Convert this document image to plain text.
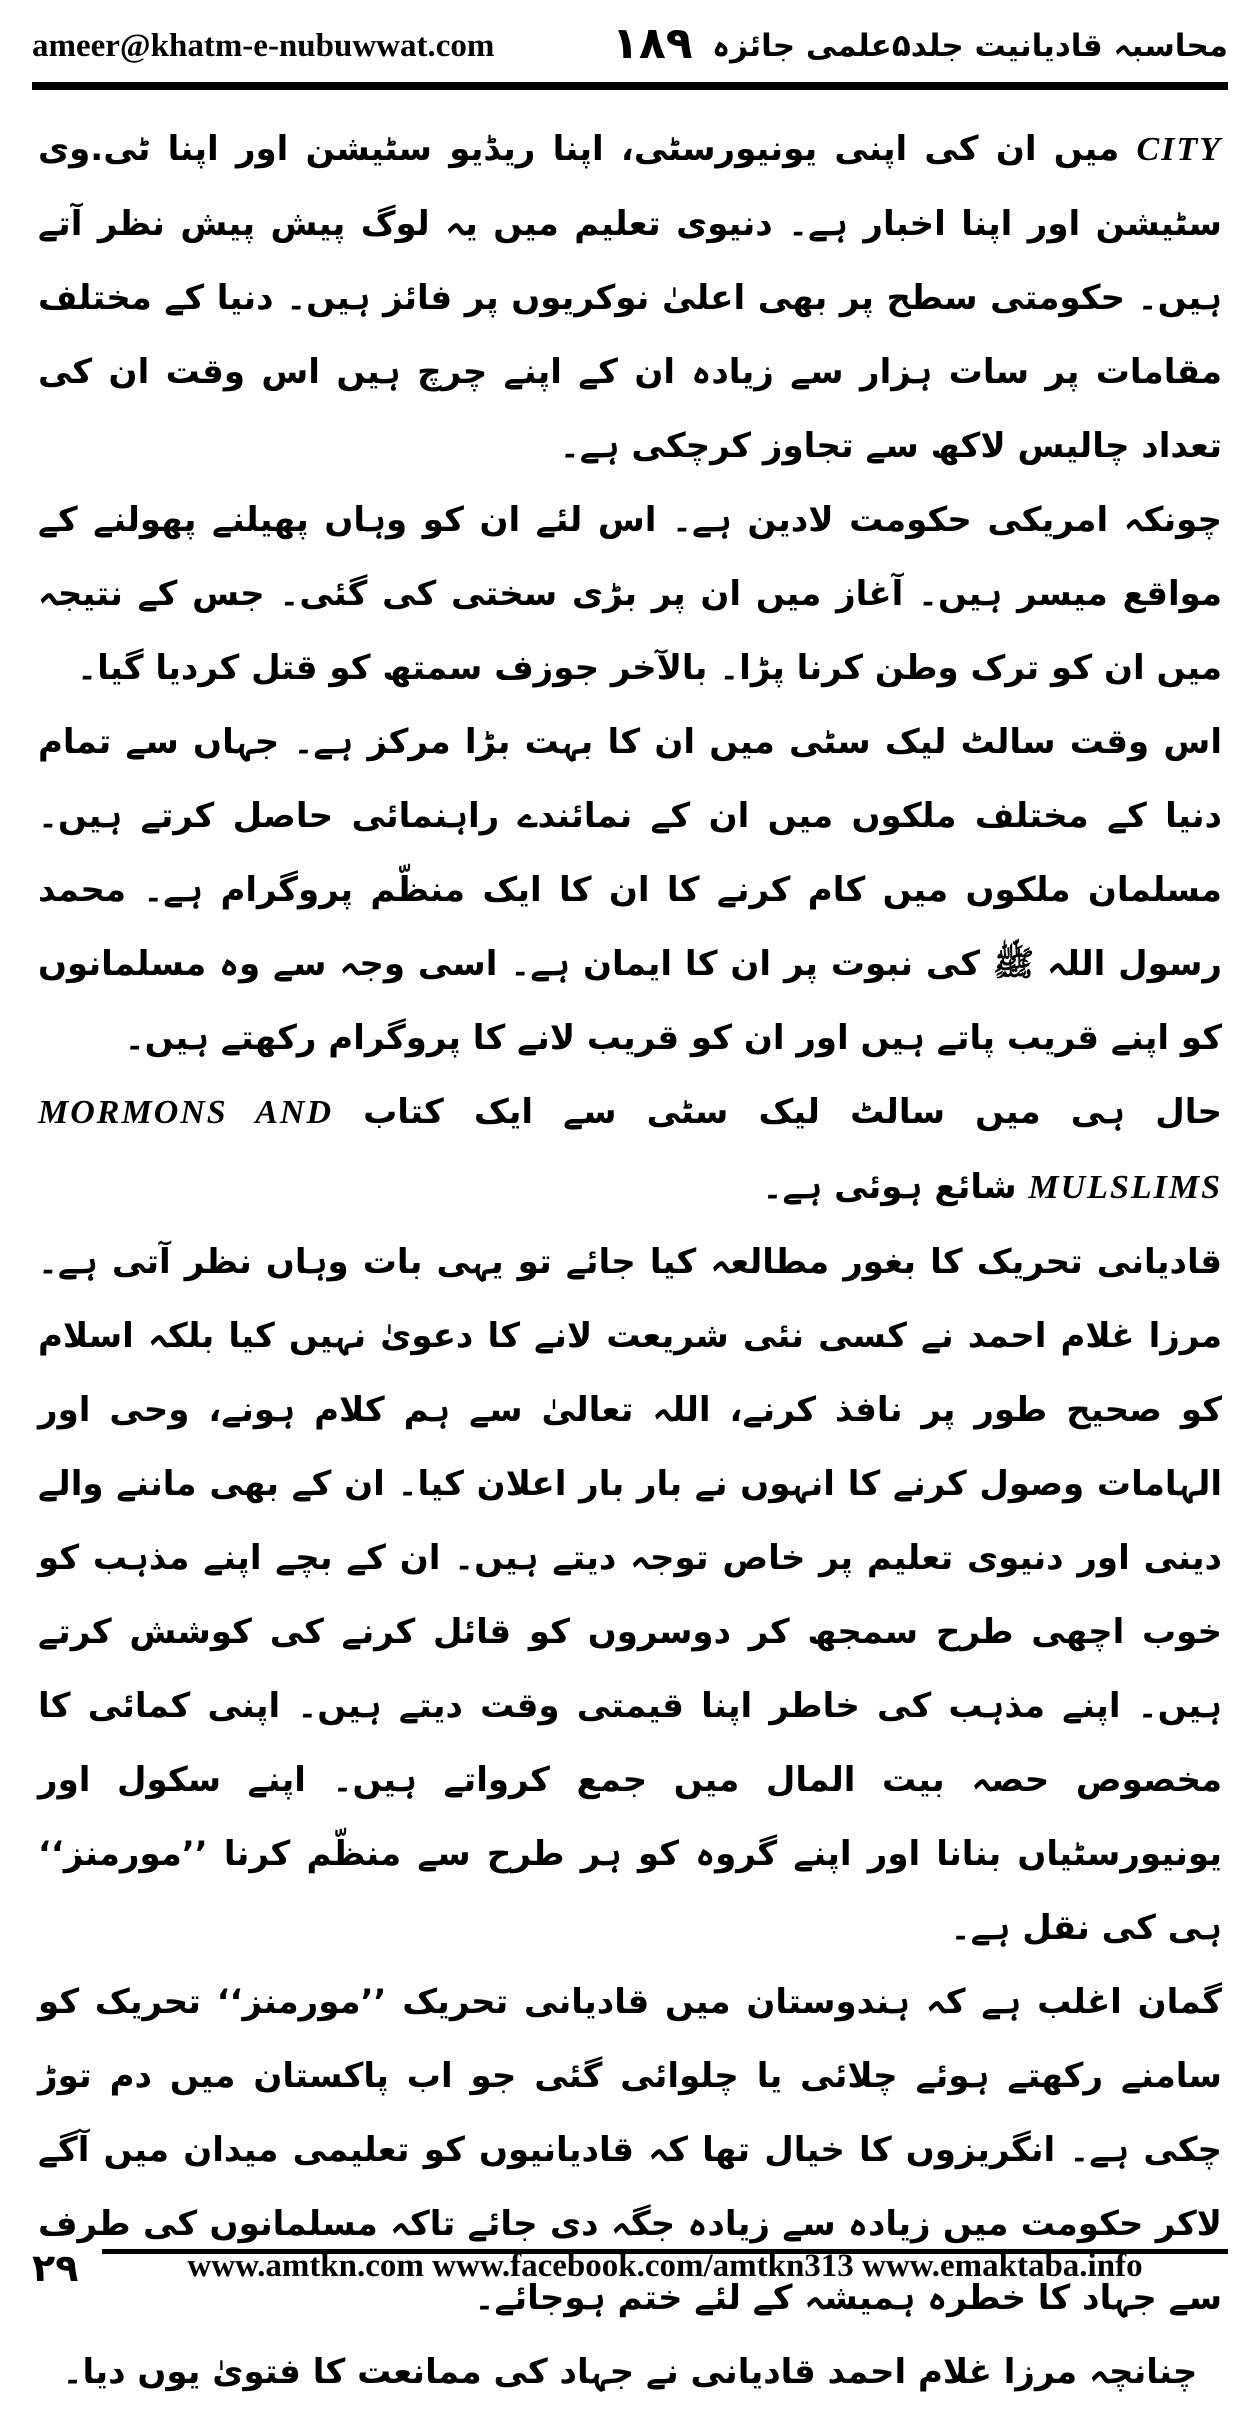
ameer@khatm-e-nubuwwat.com	۱۸۹ محاسبہ قادیانیت جلد۵علمی جائزہ

CITY میں ان کی اپنی یونیورسٹی، اپنا ریڈیو سٹیشن اور اپنا ٹی.وی سٹیشن اور اپنا اخبار ہے۔ دنیوی تعلیم میں یہ لوگ پیش پیش نظر آتے ہیں۔ حکومتی سطح پر بھی اعلیٰ نوکریوں پر فائز ہیں۔ دنیا کے مختلف مقامات پر سات ہزار سے زیادہ ان کے اپنے چرچ ہیں اس وقت ان کی تعداد چالیس لاکھ سے تجاوز کرچکی ہے۔

چونکہ امریکی حکومت لادین ہے۔ اس لئے ان کو وہاں پھیلنے پھولنے کے مواقع میسر ہیں۔ آغاز میں ان پر بڑی سختی کی گئی۔ جس کے نتیجہ میں ان کو ترک وطن کرنا پڑا۔ بالآخر جوزف سمتھ کو قتل کردیا گیا۔

اس وقت سالٹ لیک سٹی میں ان کا بہت بڑا مرکز ہے۔ جہاں سے تمام دنیا کے مختلف ملکوں میں ان کے نمائندے راہنمائی حاصل کرتے ہیں۔ مسلمان ملکوں میں کام کرنے کا ان کا ایک منظّم پروگرام ہے۔ محمد رسول اللہ ﷺ کی نبوت پر ان کا ایمان ہے۔ اسی وجہ سے وہ مسلمانوں کو اپنے قریب پاتے ہیں اور ان کو قریب لانے کا پروگرام رکھتے ہیں۔

حال ہی میں سالٹ لیک سٹی سے ایک کتاب MORMONS AND MULSLIMS شائع ہوئی ہے۔

قادیانی تحریک کا بغور مطالعہ کیا جائے تو یہی بات وہاں نظر آتی ہے۔ مرزا غلام احمد نے کسی نئی شریعت لانے کا دعویٰ نہیں کیا بلکہ اسلام کو صحیح طور پر نافذ کرنے، اللہ تعالیٰ سے ہم کلام ہونے، وحی اور الہامات وصول کرنے کا انہوں نے بار بار اعلان کیا۔ ان کے بھی ماننے والے دینی اور دنیوی تعلیم پر خاص توجہ دیتے ہیں۔ ان کے بچے اپنے مذہب کو خوب اچھی طرح سمجھ کر دوسروں کو قائل کرنے کی کوشش کرتے ہیں۔ اپنے مذہب کی خاطر اپنا قیمتی وقت دیتے ہیں۔ اپنی کمائی کا مخصوص حصہ بیت المال میں جمع کرواتے ہیں۔ اپنے سکول اور یونیورسٹیاں بنانا اور اپنے گروہ کو ہر طرح سے منظّم کرنا ’’مورمنز‘‘ ہی کی نقل ہے۔

گمان اغلب ہے کہ ہندوستان میں قادیانی تحریک ’’مورمنز‘‘ تحریک کو سامنے رکھتے ہوئے چلائی یا چلوائی گئی جو اب پاکستان میں دم توڑ چکی ہے۔ انگریزوں کا خیال تھا کہ قادیانیوں کو تعلیمی میدان میں آگے لاکر حکومت میں زیادہ سے زیادہ جگہ دی جائے تاکہ مسلمانوں کی طرف سے جہاد کا خطرہ ہمیشہ کے لئے ختم ہوجائے۔

چنانچہ مرزا غلام احمد قادیانی نے جہاد کی ممانعت کا فتویٰ یوں دیا۔

۲۹	www.amtkn.com www.facebook.com/amtkn313 www.emaktaba.info
